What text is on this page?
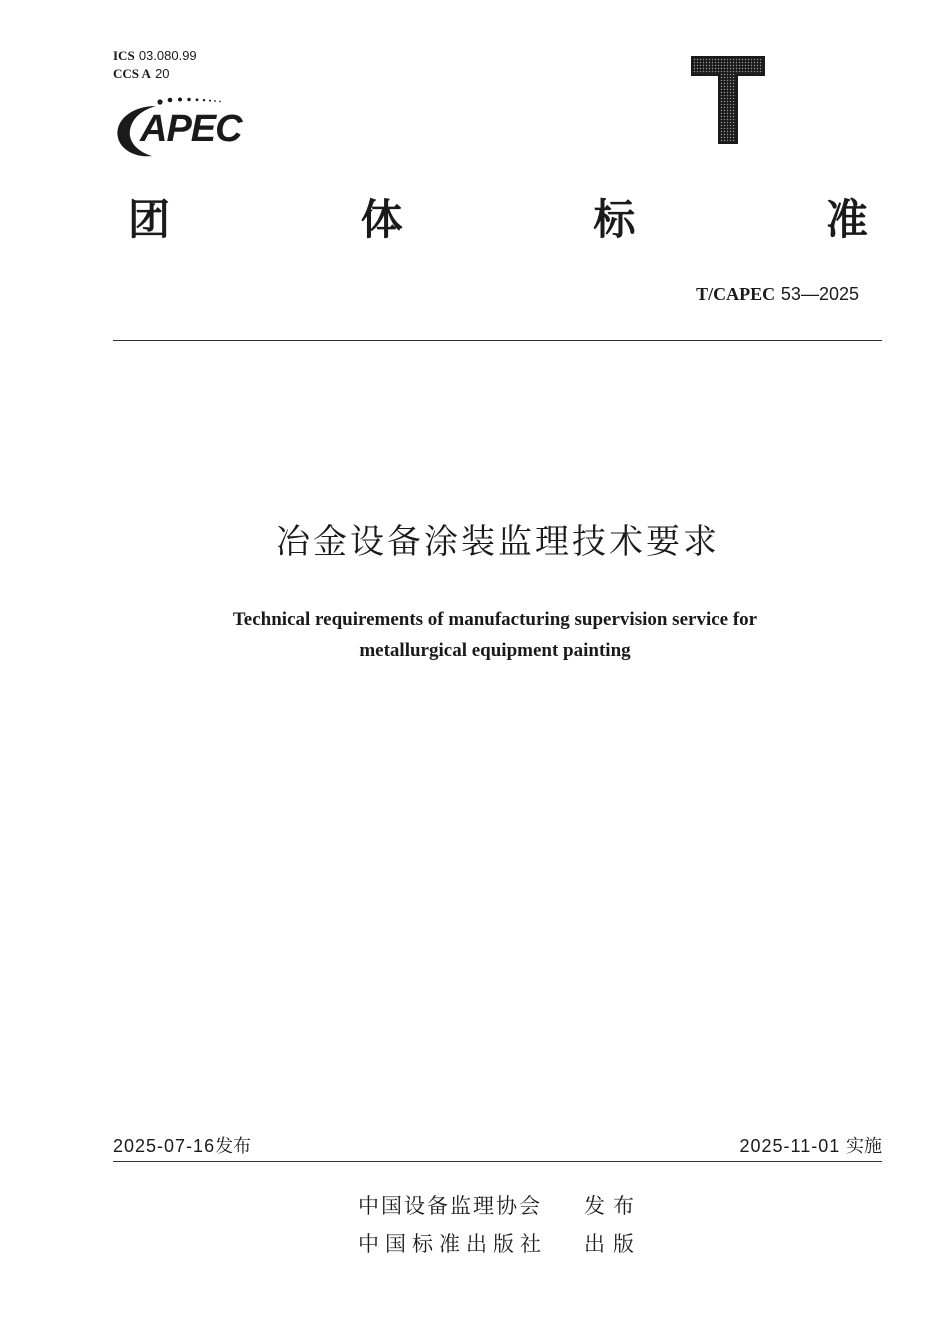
ICS 03.080.99
CCS A 20
APEC
团	体	标	准
T/CAPEC 53—2025
冶金设备涂装监理技术要求
Technical requirements of manufacturing supervision service for
metallurgical equipment painting
2025-07-16发布	2025-11-01 实施
中国设备监理协会 发布
中国标准出版社 出版
